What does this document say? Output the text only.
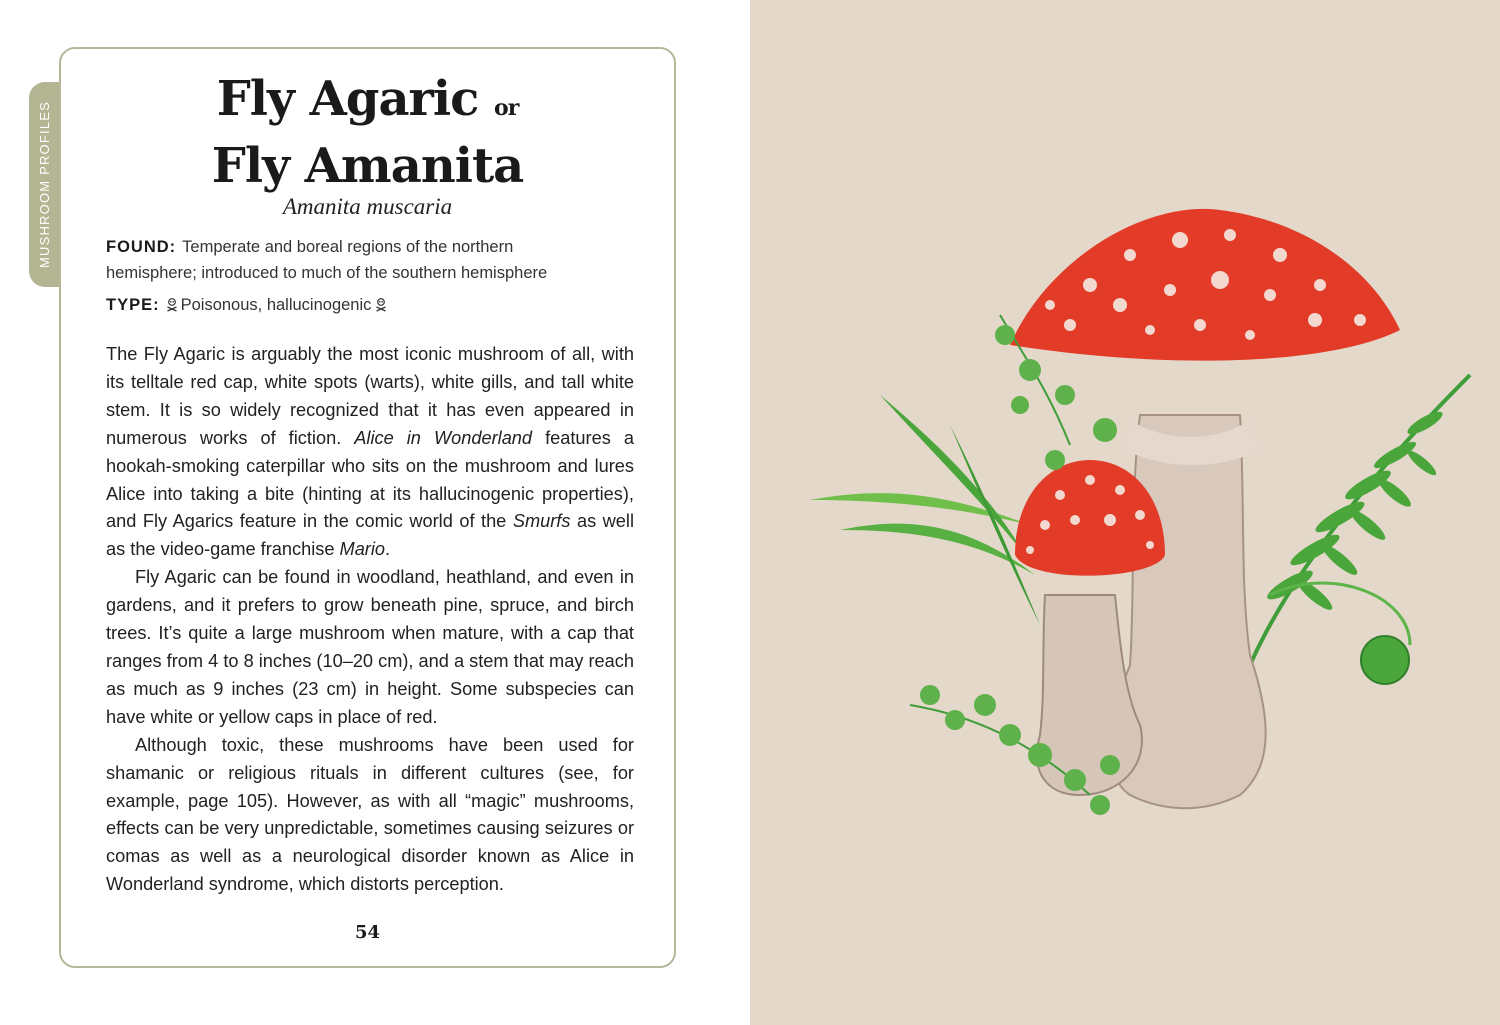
MUSHROOM PROFILES
Fly Agaric or
Fly Amanita
Amanita muscaria
FOUND: Temperate and boreal regions of the northern
hemisphere; introduced to much of the southern hemisphere
TYPE: Poisonous, hallucinogenic

The Fly Agaric is arguably the most iconic mushroom of all, with its telltale red cap, white spots (warts), white gills, and tall white stem. It is so widely recognized that it has even appeared in numerous works of fiction. Alice in Wonderland features a hookah-smoking caterpillar who sits on the mushroom and lures Alice into taking a bite (hinting at its hallucinogenic properties), and Fly Agarics feature in the comic world of the Smurfs as well as the video-game franchise Mario.

Fly Agaric can be found in woodland, heathland, and even in gardens, and it prefers to grow beneath pine, spruce, and birch trees. It’s quite a large mushroom when mature, with a cap that ranges from 4 to 8 inches (10–20 cm), and a stem that may reach as much as 9 inches (23 cm) in height. Some subspecies can have white or yellow caps in place of red.

Although toxic, these mushrooms have been used for shamanic or religious rituals in different cultures (see, for example, page 105). However, as with all “magic” mushrooms, effects can be very unpredictable, sometimes causing seizures or comas as well as a neurological disorder known as Alice in Wonderland syndrome, which distorts perception.

54
